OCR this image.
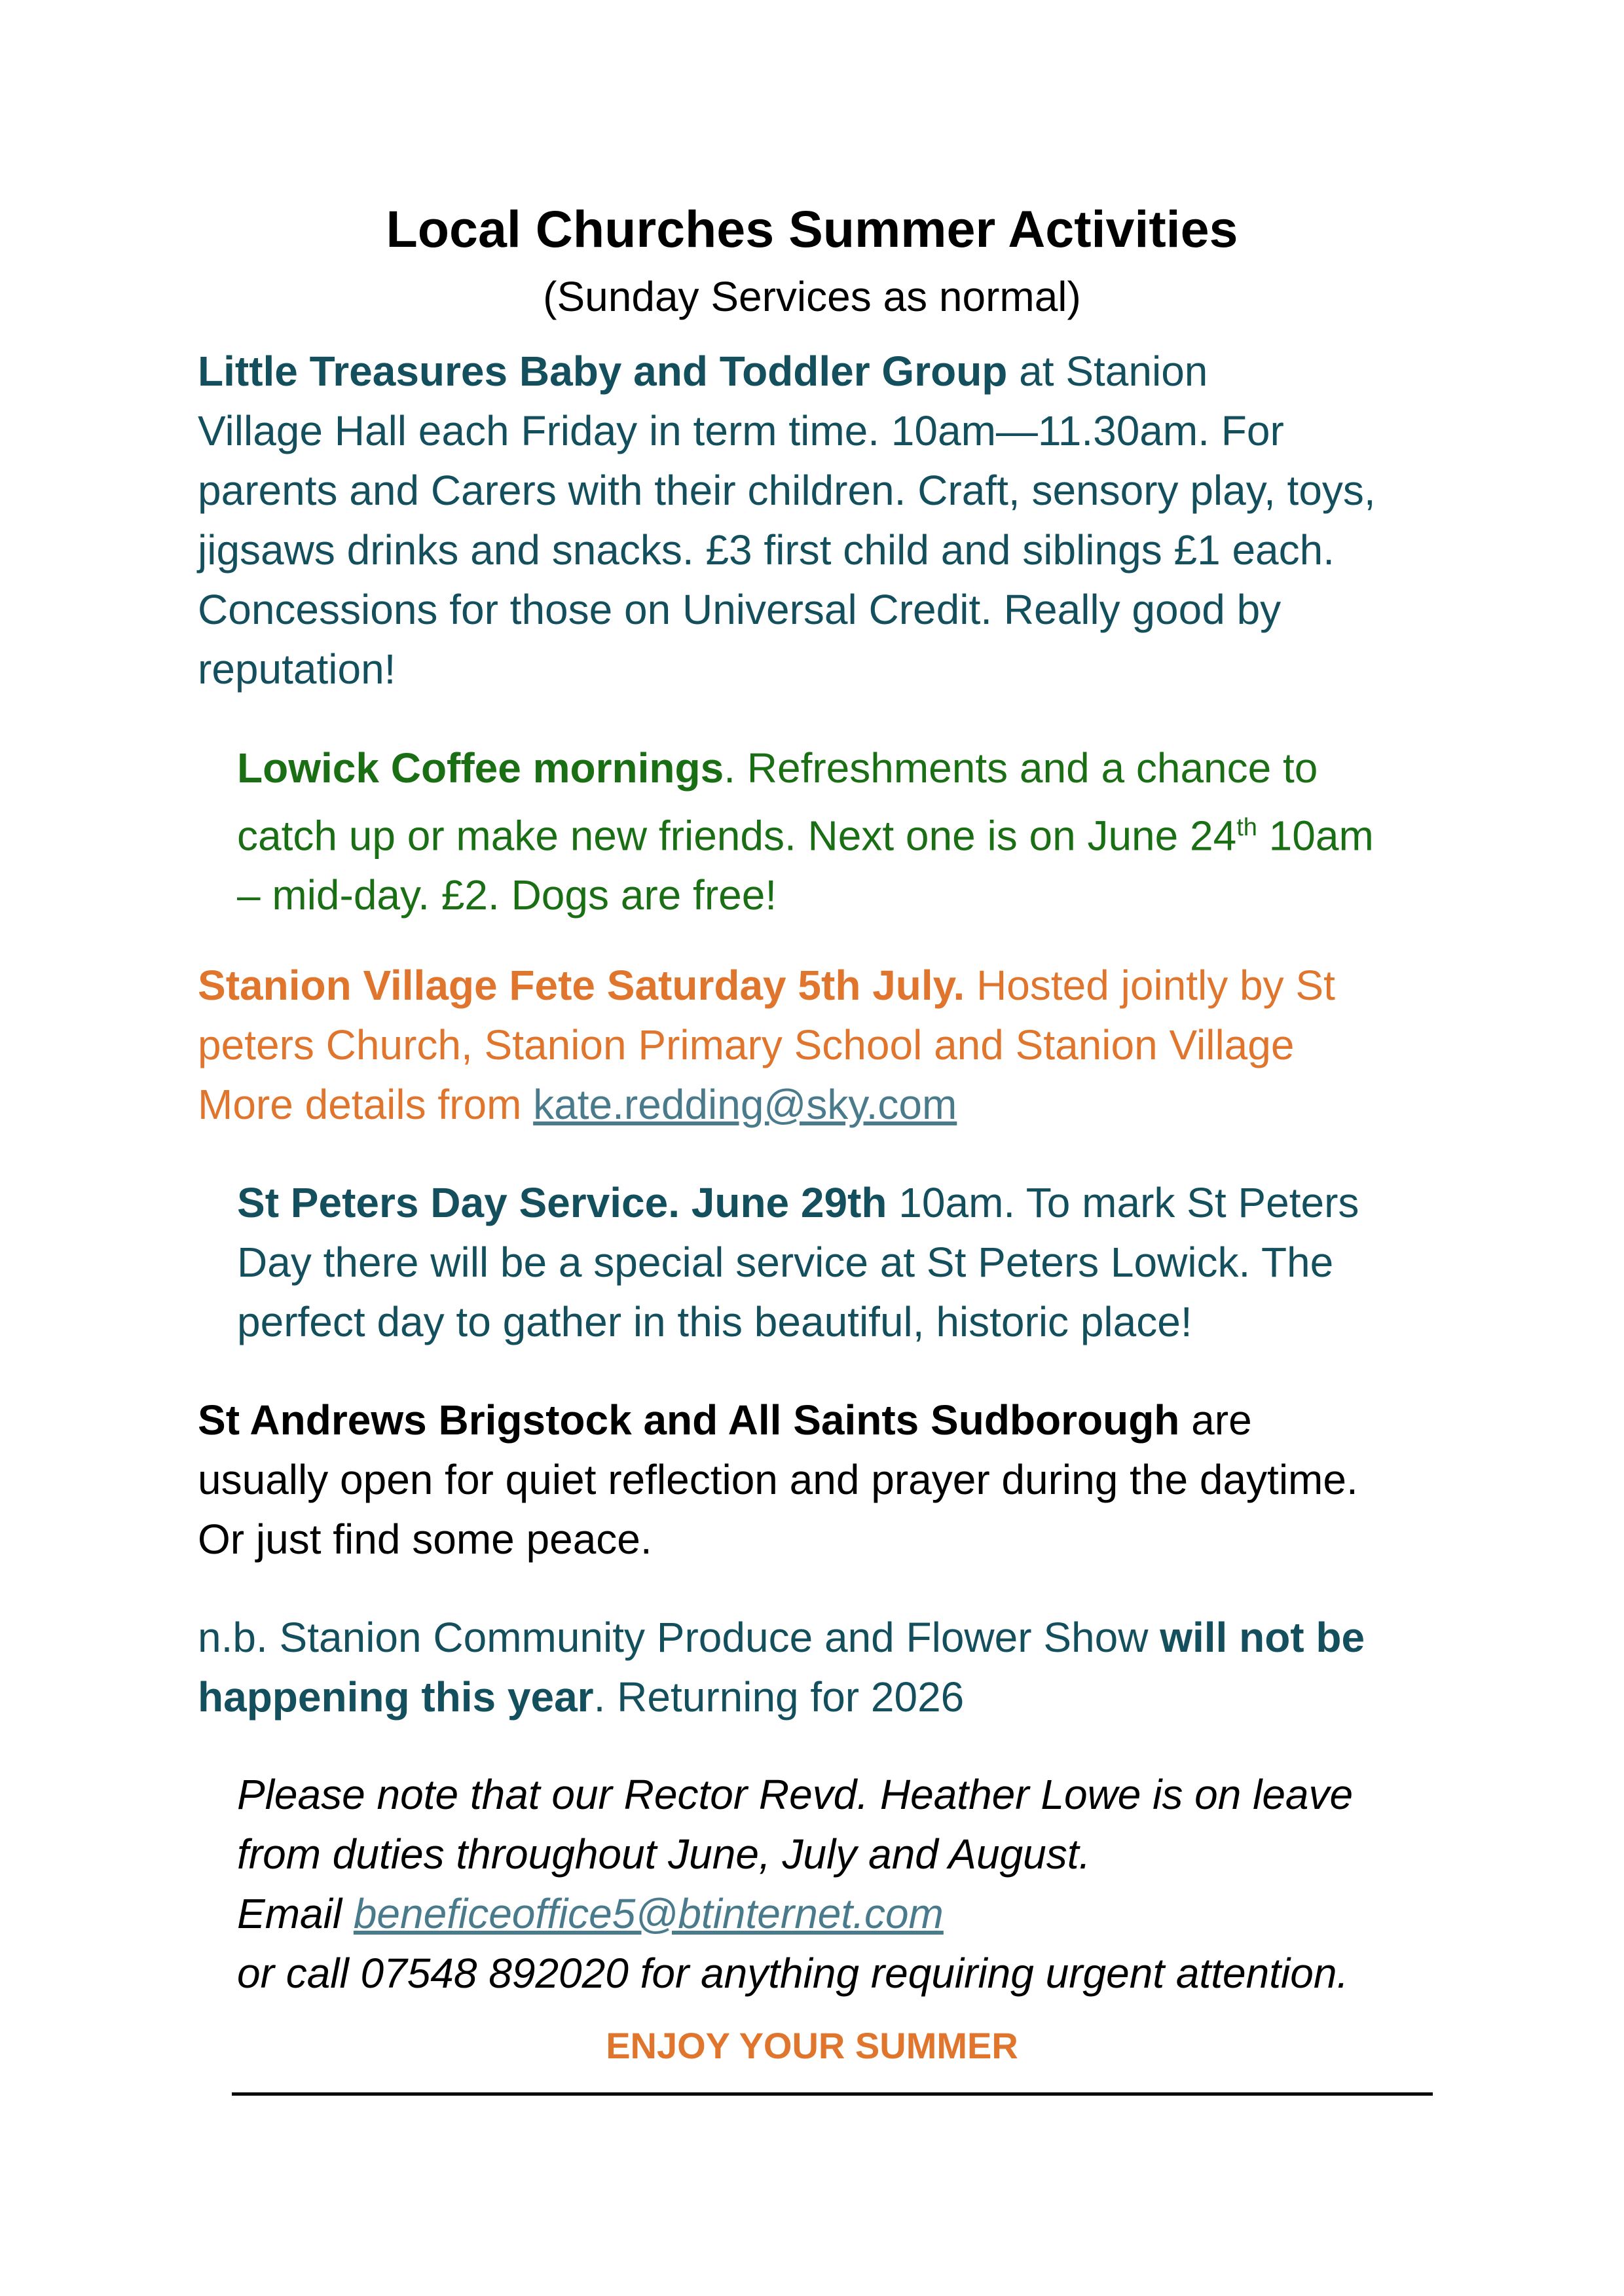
Local Churches Summer Activities

(Sunday Services as normal)

Little Treasures Baby and Toddler Group at Stanion
Village Hall each Friday in term time. 10am—11.30am. For
parents and Carers with their children. Craft, sensory play, toys,
jigsaws drinks and snacks. £3 first child and siblings £1 each.
Concessions for those on Universal Credit. Really good by
reputation!

Lowick Coffee mornings. Refreshments and a chance to
catch up or make new friends. Next one is on June 24th 10am
– mid-day. £2. Dogs are free!

Stanion Village Fete Saturday 5th July. Hosted jointly by St
peters Church, Stanion Primary School and Stanion Village
More details from kate.redding@sky.com

St Peters Day Service. June 29th 10am. To mark St Peters
Day there will be a special service at St Peters Lowick. The
perfect day to gather in this beautiful, historic place!

St Andrews Brigstock and All Saints Sudborough are
usually open for quiet reflection and prayer during the daytime.
Or just find some peace.

n.b. Stanion Community Produce and Flower Show will not be
happening this year. Returning for 2026

Please note that our Rector Revd. Heather Lowe is on leave
from duties throughout June, July and August.
Email beneficeoffice5@btinternet.com
or call 07548 892020 for anything requiring urgent attention.

ENJOY YOUR SUMMER
